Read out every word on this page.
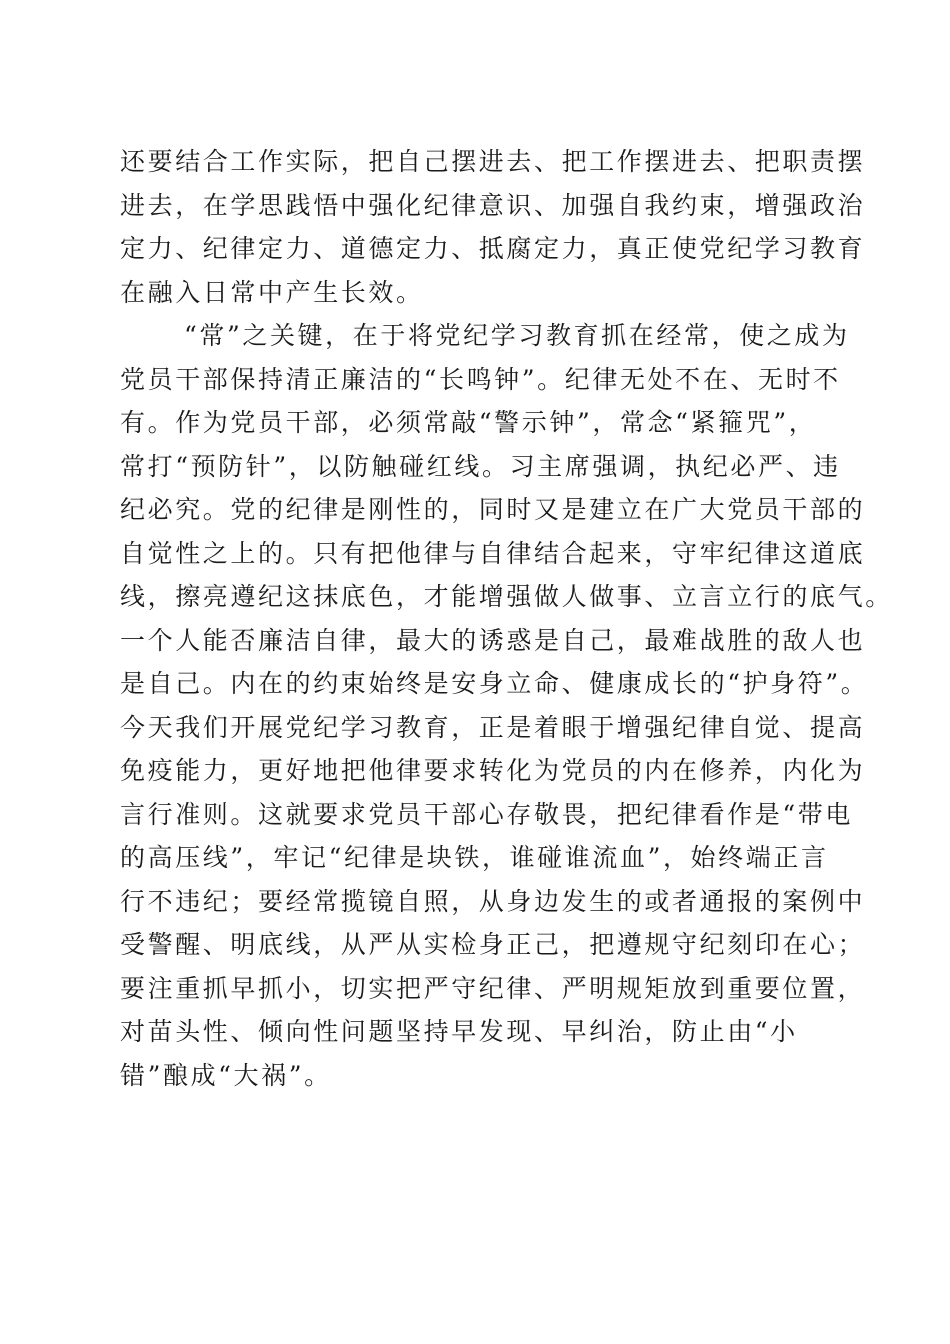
还要结合工作实际，把自己摆进去、把工作摆进去、把职责摆
进去，在学思践悟中强化纪律意识、加强自我约束，增强政治
定力、纪律定力、道德定力、抵腐定力，真正使党纪学习教育
在融入日常中产生长效。
“常”之关键，在于将党纪学习教育抓在经常，使之成为
党员干部保持清正廉洁的“长鸣钟”。纪律无处不在、无时不
有。作为党员干部，必须常敲“警示钟”，常念“紧箍咒”，
常打“预防针”，以防触碰红线。习主席强调，执纪必严、违
纪必究。党的纪律是刚性的，同时又是建立在广大党员干部的
自觉性之上的。只有把他律与自律结合起来，守牢纪律这道底
线，擦亮遵纪这抹底色，才能增强做人做事、立言立行的底气。
一个人能否廉洁自律，最大的诱惑是自己，最难战胜的敌人也
是自己。内在的约束始终是安身立命、健康成长的“护身符”。
今天我们开展党纪学习教育，正是着眼于增强纪律自觉、提高
免疫能力，更好地把他律要求转化为党员的内在修养，内化为
言行准则。这就要求党员干部心存敬畏，把纪律看作是“带电
的高压线”，牢记“纪律是块铁，谁碰谁流血”，始终端正言
行不违纪；要经常揽镜自照，从身边发生的或者通报的案例中
受警醒、明底线，从严从实检身正己，把遵规守纪刻印在心；
要注重抓早抓小，切实把严守纪律、严明规矩放到重要位置，
对苗头性、倾向性问题坚持早发现、早纠治，防止由“小
错”酿成“大祸”。
